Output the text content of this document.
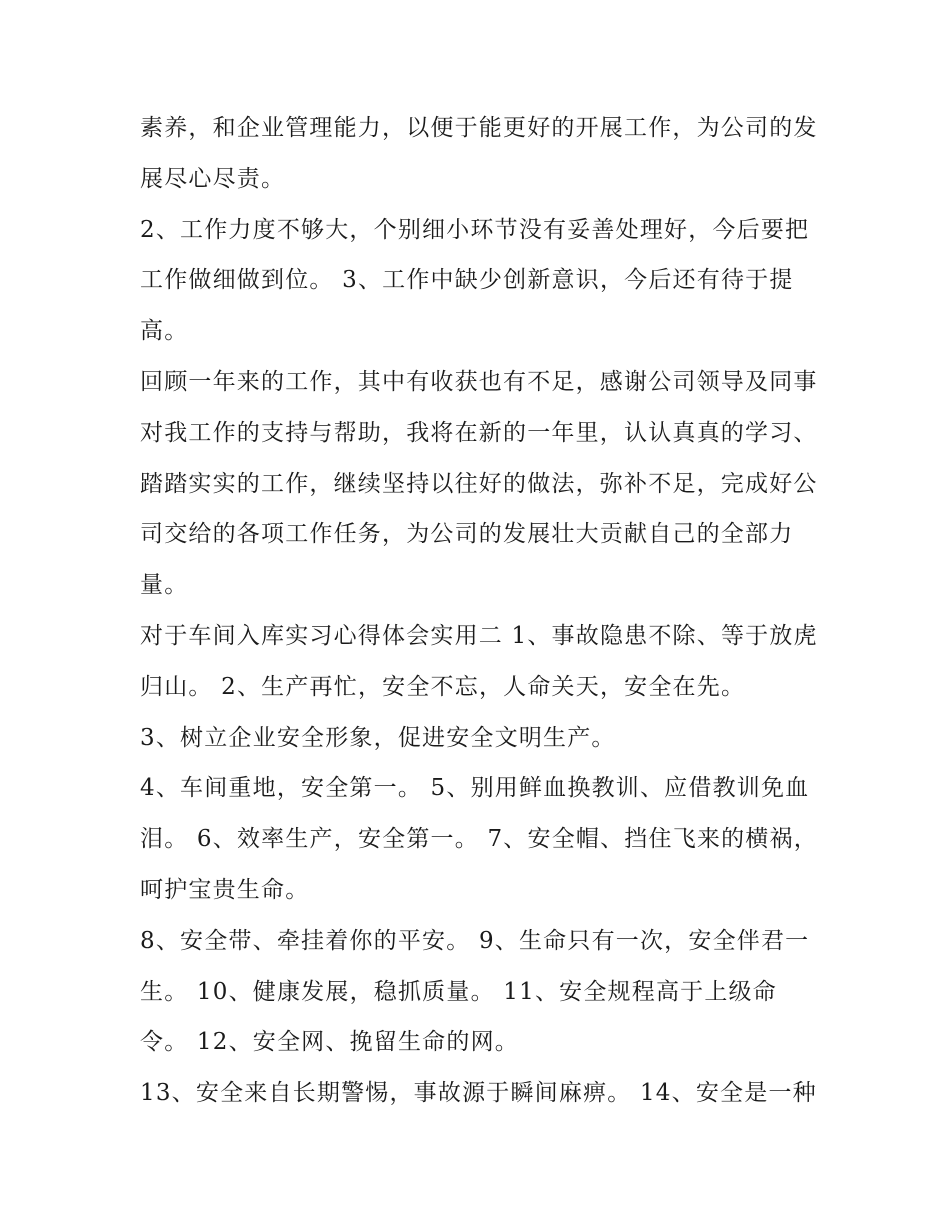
素养，和企业管理能力，以便于能更好的开展工作，为公司的发展尽心尽责。

2、工作力度不够大，个别细小环节没有妥善处理好，今后要把工作做细做到位。 3、工作中缺少创新意识，今后还有待于提高。

回顾一年来的工作，其中有收获也有不足，感谢公司领导及同事对我工作的支持与帮助，我将在新的一年里，认认真真的学习、踏踏实实的工作，继续坚持以往好的做法，弥补不足，完成好公司交给的各项工作任务，为公司的发展壮大贡献自己的全部力量。

对于车间入库实习心得体会实用二 1、事故隐患不除、等于放虎归山。 2、生产再忙，安全不忘，人命关天，安全在先。

3、树立企业安全形象，促进安全文明生产。

4、车间重地，安全第一。 5、别用鲜血换教训、应借教训免血泪。 6、效率生产，安全第一。 7、安全帽、挡住飞来的横祸，呵护宝贵生命。

8、安全带、牵挂着你的平安。 9、生命只有一次，安全伴君一生。 10、健康发展，稳抓质量。 11、安全规程高于上级命令。 12、安全网、挽留生命的网。

13、安全来自长期警惕，事故源于瞬间麻痹。 14、安全是一种
